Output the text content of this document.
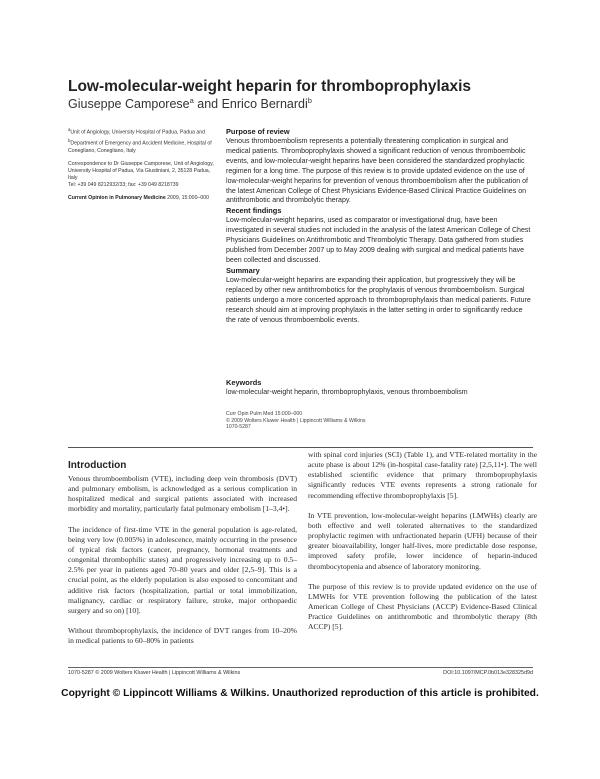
Low-molecular-weight heparin for thromboprophylaxis
Giuseppe Camporese$^a$ and Enrico Bernardi$^b$

$^a$Unit of Angiology, University Hospital of Padua, Padua and $^b$Department of Emergency and Accident Medicine, Hospital of Conegliano, Conegliano, Italy

Correspondence to Dr Giuseppe Camporese, Unit of Angiology, University Hospital of Padua, Via Giustiniani, 2, 35128 Padua, Italy
Tel: +39 049 8212932/33; fax: +39 049 8218739

Current Opinion in Pulmonary Medicine 2009, 15:000–000

Purpose of review

Venous thromboembolism represents a potentially threatening complication in surgical and medical patients. Thromboprophylaxis showed a significant reduction of venous thromboembolic events, and low-molecular-weight heparins have been considered the standardized prophylactic regimen for a long time. The purpose of this review is to provide updated evidence on the use of low-molecular-weight heparins for prevention of venous thromboembolism after the publication of the latest American College of Chest Physicians Evidence-Based Clinical Practice Guidelines on antithrombotic and thrombolytic therapy.

Recent findings

Low-molecular-weight heparins, used as comparator or investigational drug, have been investigated in several studies not included in the analysis of the latest American College of Chest Physicians Guidelines on Antithrombotic and Thrombolytic Therapy. Data gathered from studies published from December 2007 up to May 2009 dealing with surgical and medical patients have been collected and discussed.

Summary

Low-molecular-weight heparins are expanding their application, but progressively they will be replaced by other new antithrombotics for the prophylaxis of venous thromboembolism. Surgical patients undergo a more concerted approach to thromboprophylaxis than medical patients. Future research should aim at improving prophylaxis in the latter setting in order to significantly reduce the rate of venous thromboembolic events.

Keywords

low-molecular-weight heparin, thromboprophylaxis, venous thromboembolism

Curr Opin Pulm Med 15:000–000
© 2009 Wolters Kluwer Health | Lippincott Williams & Wilkins
1070-5287
Introduction

Venous thromboembolism (VTE), including deep vein thrombosis (DVT) and pulmonary embolism, is acknowledged as a serious complication in hospitalized medical and surgical patients associated with increased morbidity and mortality, particularly fatal pulmonary embolism [1–3,4•].

The incidence of first-time VTE in the general population is age-related, being very low (0.005%) in adolescence, mainly occurring in the presence of typical risk factors (cancer, pregnancy, hormonal treatments and congenital thrombophilic states) and progressively increasing up to 0.5–2.5% per year in patients aged 70–80 years and older [2,5–9]. This is a crucial point, as the elderly population is also exposed to concomitant and additive risk factors (hospitalization, partial or total immobilization, malignancy, cardiac or respiratory failure, stroke, major orthopaedic surgery and so on) [10].

Without thromboprophylaxis, the incidence of DVT ranges from 10–20% in medical patients to 60–80% in patients

with spinal cord injuries (SCI) (Table 1), and VTE-related mortality in the acute phase is about 12% (in-hospital case-fatality rate) [2,5,11•]. The well established scientific evidence that primary thromboprophylaxis significantly reduces VTE events represents a strong rationale for recommending effective thromboprophylaxis [5].

In VTE prevention, low-molecular-weight heparins (LMWHs) clearly are both effective and well tolerated alternatives to the standardized prophylactic regimen with unfractionated heparin (UFH) because of their greater bioavailability, longer half-lives, more predictable dose response, improved safety profile, lower incidence of heparin-induced thrombocytopenia and absence of laboratory monitoring.

The purpose of this review is to provide updated evidence on the use of LMWHs for VTE prevention following the publication of the latest American College of Chest Physicians (ACCP) Evidence-Based Clinical Practice Guidelines on antithrombotic and thrombolytic therapy (8th ACCP) [5].

1070-5287 © 2009 Wolters Kluwer Health | Lippincott Williams & Wilkins	DOI:10.1097/MCP.0b013e328325d9d
Copyright © Lippincott Williams & Wilkins. Unauthorized reproduction of this article is prohibited.
